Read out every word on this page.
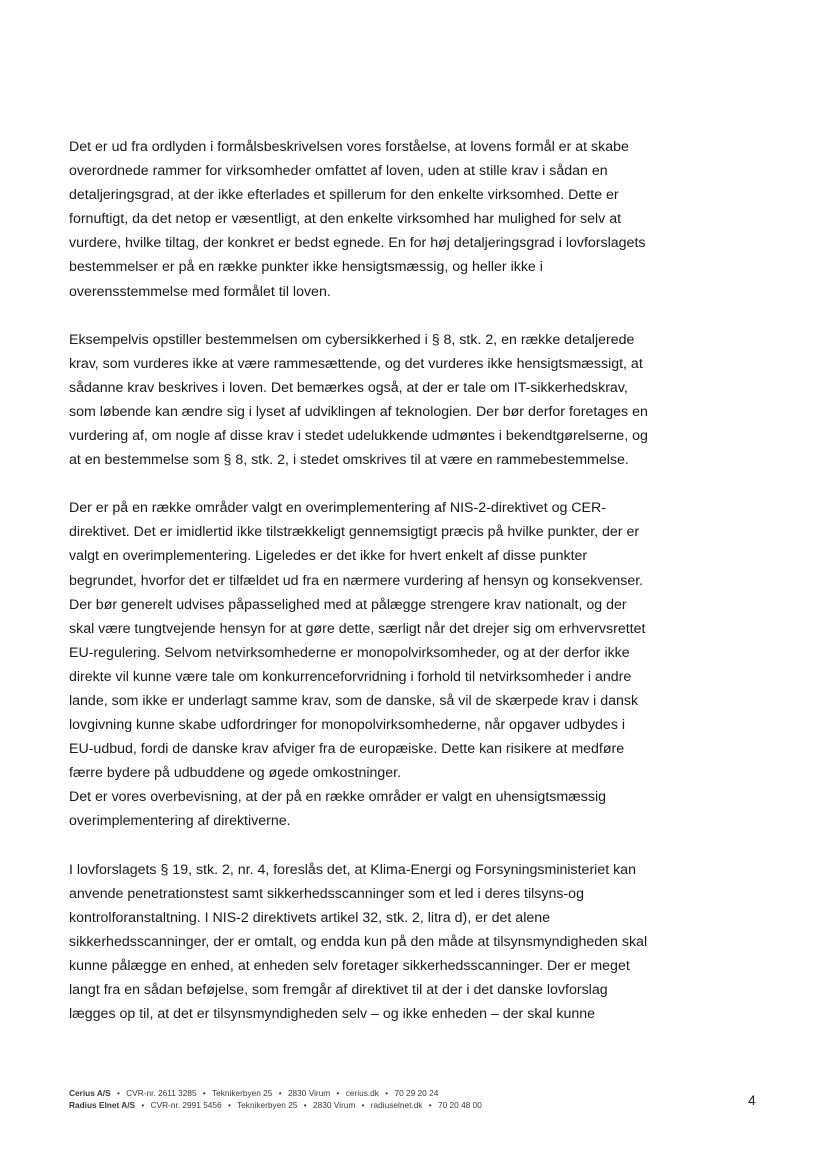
Det er ud fra ordlyden i formålsbeskrivelsen vores forståelse, at lovens formål er at skabe
overordnede rammer for virksomheder omfattet af loven, uden at stille krav i sådan en
detaljeringsgrad, at der ikke efterlades et spillerum for den enkelte virksomhed. Dette er
fornuftigt, da det netop er væsentligt, at den enkelte virksomhed har mulighed for selv at
vurdere, hvilke tiltag, der konkret er bedst egnede. En for høj detaljeringsgrad i lovforslagets
bestemmelser er på en række punkter ikke hensigtsmæssig, og heller ikke i
overensstemmelse med formålet til loven.

Eksempelvis opstiller bestemmelsen om cybersikkerhed i § 8, stk. 2, en række detaljerede
krav, som vurderes ikke at være rammesættende, og det vurderes ikke hensigtsmæssigt, at
sådanne krav beskrives i loven. Det bemærkes også, at der er tale om IT-sikkerhedskrav,
som løbende kan ændre sig i lyset af udviklingen af teknologien. Der bør derfor foretages en
vurdering af, om nogle af disse krav i stedet udelukkende udmøntes i bekendtgørelserne, og
at en bestemmelse som § 8, stk. 2, i stedet omskrives til at være en rammebestemmelse.

Der er på en række områder valgt en overimplementering af NIS-2-direktivet og CER-
direktivet. Det er imidlertid ikke tilstrækkeligt gennemsigtigt præcis på hvilke punkter, der er
valgt en overimplementering. Ligeledes er det ikke for hvert enkelt af disse punkter
begrundet, hvorfor det er tilfældet ud fra en nærmere vurdering af hensyn og konsekvenser.
Der bør generelt udvises påpasselighed med at pålægge strengere krav nationalt, og der
skal være tungtvejende hensyn for at gøre dette, særligt når det drejer sig om erhvervsrettet
EU-regulering. Selvom netvirksomhederne er monopolvirksomheder, og at der derfor ikke
direkte vil kunne være tale om konkurrenceforvridning i forhold til netvirksomheder i andre
lande, som ikke er underlagt samme krav, som de danske, så vil de skærpede krav i dansk
lovgivning kunne skabe udfordringer for monopolvirksomhederne, når opgaver udbydes i
EU-udbud, fordi de danske krav afviger fra de europæiske. Dette kan risikere at medføre
færre bydere på udbuddene og øgede omkostninger.
Det er vores overbevisning, at der på en række områder er valgt en uhensigtsmæssig
overimplementering af direktiverne.

I lovforslagets § 19, stk. 2, nr. 4, foreslås det, at Klima-Energi og Forsyningsministeriet kan
anvende penetrationstest samt sikkerhedsscanninger som et led i deres tilsyns-og
kontrolforanstaltning. I NIS-2 direktivets artikel 32, stk. 2, litra d), er det alene
sikkerhedsscanninger, der er omtalt, og endda kun på den måde at tilsynsmyndigheden skal
kunne pålægge en enhed, at enheden selv foretager sikkerhedsscanninger. Der er meget
langt fra en sådan beføjelse, som fremgår af direktivet til at der i det danske lovforslag
lægges op til, at det er tilsynsmyndigheden selv – og ikke enheden – der skal kunne

Cerius A/S • CVR-nr. 2611 3285 • Teknikerbyen 25 • 2830 Virum • cerius.dk • 70 29 20 24
Radius Elnet A/S • CVR-nr. 2991 5456 • Teknikerbyen 25 • 2830 Virum • radiuselnet.dk • 70 20 48 00	4
